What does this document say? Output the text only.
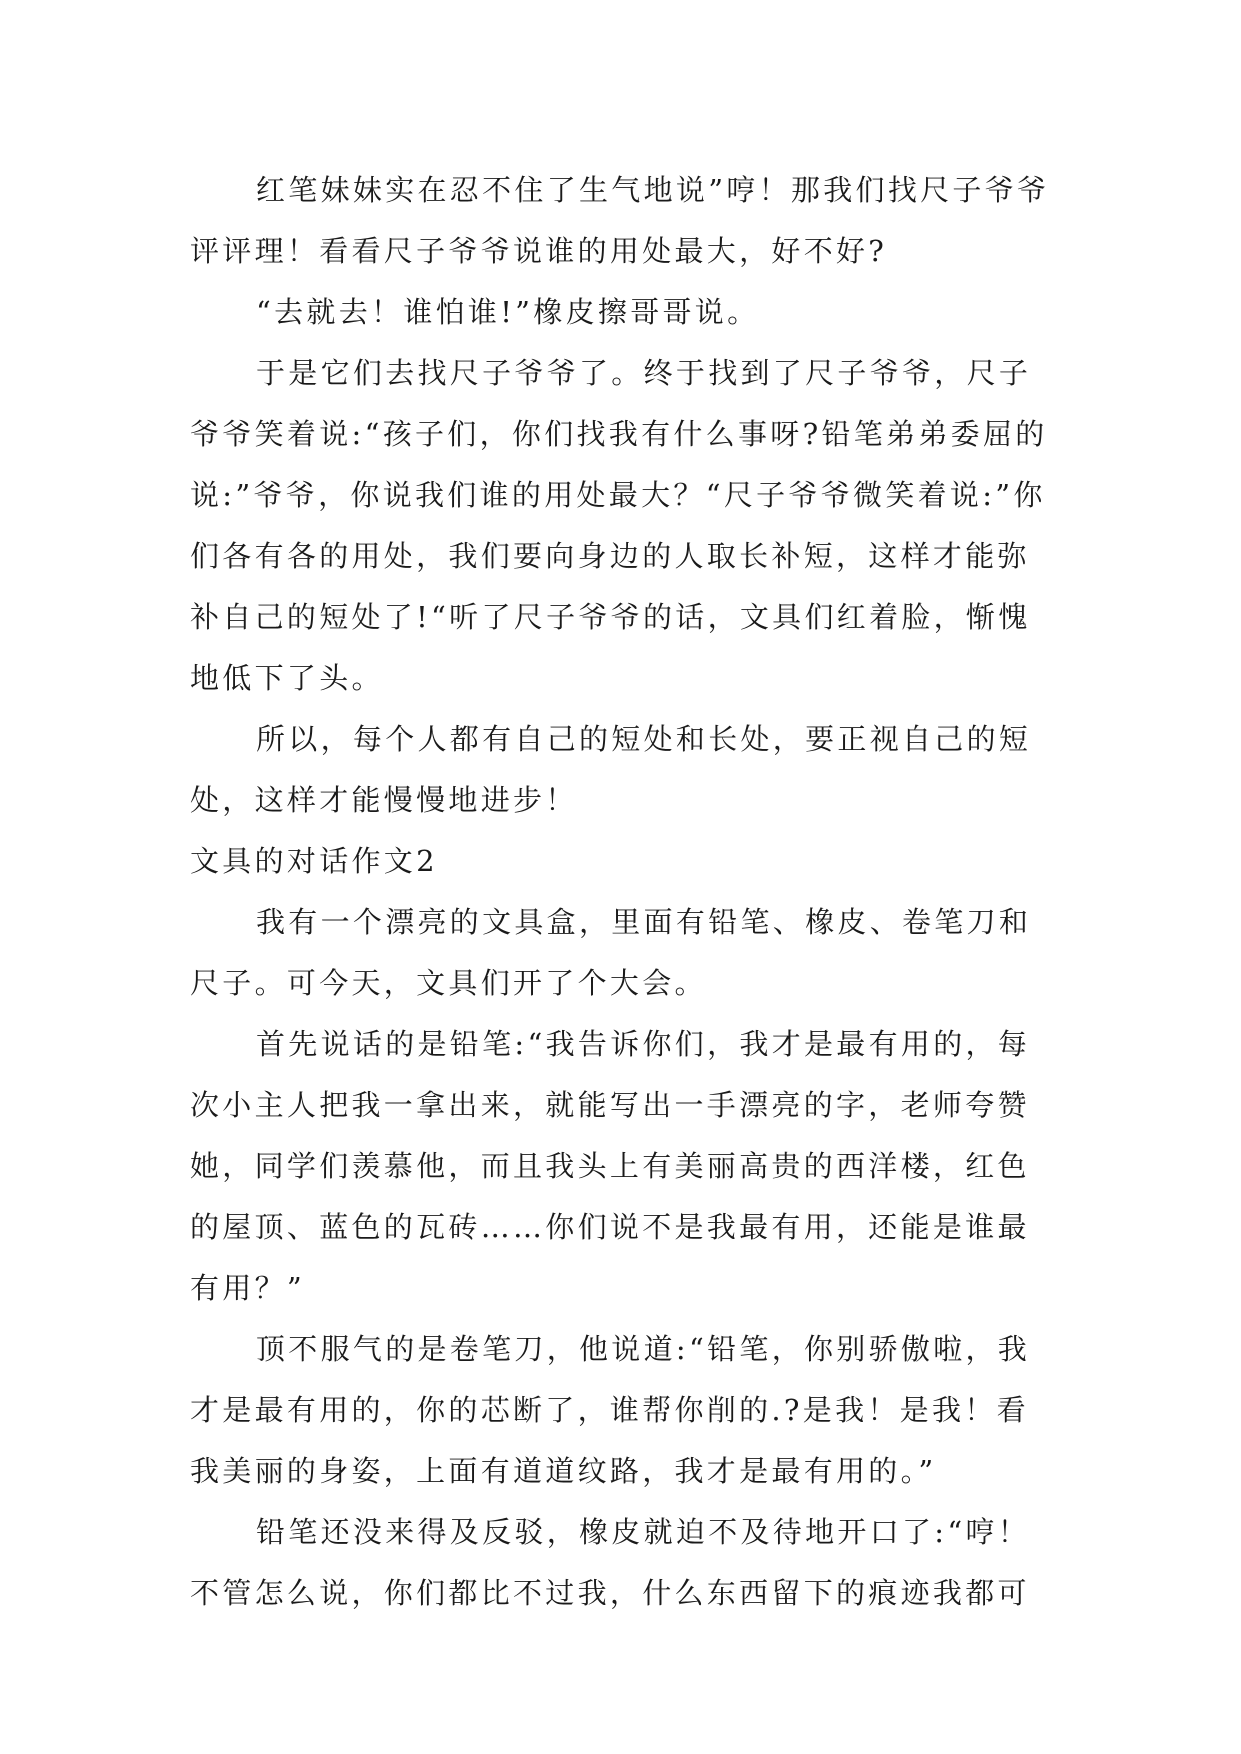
红笔妹妹实在忍不住了生气地说”哼！那我们找尺子爷爷评评理！看看尺子爷爷说谁的用处最大，好不好?

“去就去！谁怕谁!”橡皮擦哥哥说。

于是它们去找尺子爷爷了。终于找到了尺子爷爷，尺子爷爷笑着说:“孩子们，你们找我有什么事呀?铅笔弟弟委屈的说:”爷爷，你说我们谁的用处最大？“尺子爷爷微笑着说:”你们各有各的用处，我们要向身边的人取长补短，这样才能弥补自己的短处了!“听了尺子爷爷的话，文具们红着脸，惭愧地低下了头。

所以，每个人都有自己的短处和长处，要正视自己的短处，这样才能慢慢地进步！

文具的对话作文2

我有一个漂亮的文具盒，里面有铅笔、橡皮、卷笔刀和尺子。可今天，文具们开了个大会。

首先说话的是铅笔:“我告诉你们，我才是最有用的，每次小主人把我一拿出来，就能写出一手漂亮的字，老师夸赞她，同学们羡慕他，而且我头上有美丽高贵的西洋楼，红色的屋顶、蓝色的瓦砖……你们说不是我最有用，还能是谁最有用？”

顶不服气的是卷笔刀，他说道:“铅笔，你别骄傲啦，我才是最有用的，你的芯断了，谁帮你削的.?是我！是我！看我美丽的身姿，上面有道道纹路，我才是最有用的。”

铅笔还没来得及反驳，橡皮就迫不及待地开口了:“哼！不管怎么说，你们都比不过我，什么东西留下的痕迹我都可
